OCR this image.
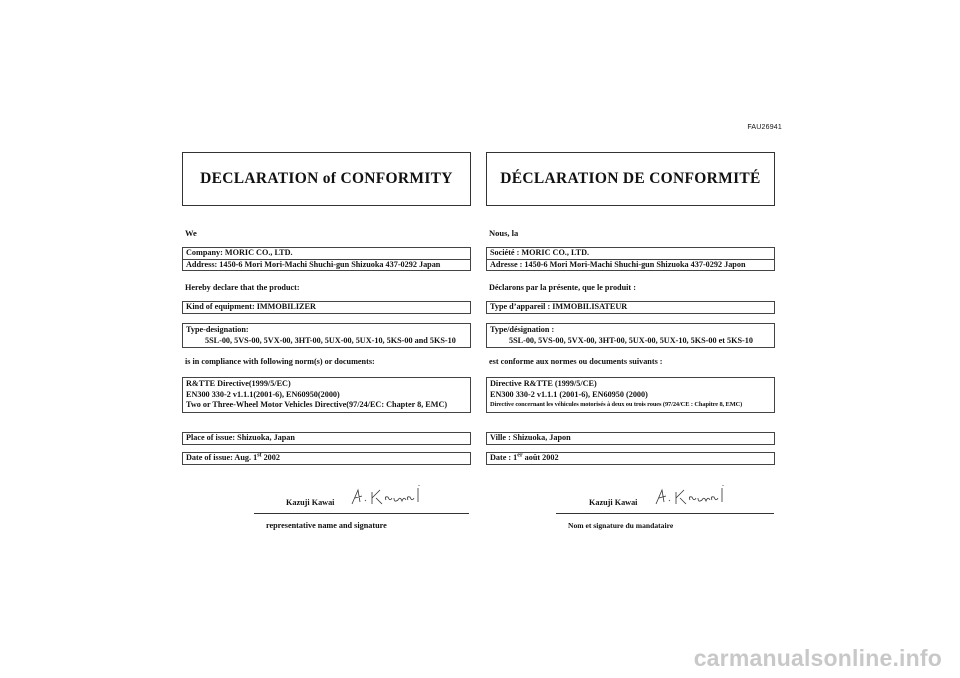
FAU26941
DECLARATION of CONFORMITY
We
Company: MORIC CO., LTD.
Address: 1450-6 Mori Mori-Machi Shuchi-gun Shizuoka 437-0292 Japan
Hereby declare that the product:
Kind of equipment: IMMOBILIZER
Type-designation:
5SL-00, 5VS-00, 5VX-00, 3HT-00, 5UX-00, 5UX-10, 5KS-00 and 5KS-10
is in compliance with following norm(s) or documents:
R&TTE Directive(1999/5/EC)
EN300 330-2 v1.1.1(2001-6), EN60950(2000)
Two or Three-Wheel Motor Vehicles Directive(97/24/EC: Chapter 8, EMC)
Place of issue: Shizuoka, Japan
Date of issue: Aug. 1st 2002
Kazuji Kawai
representative name and signature
DÉCLARATION DE CONFORMITÉ
Nous, la
Société : MORIC CO., LTD.
Adresse : 1450-6 Mori Mori-Machi Shuchi-gun Shizuoka 437-0292 Japon
Déclarons par la présente, que le produit :
Type d’appareil : IMMOBILISATEUR
Type/désignation :
5SL-00, 5VS-00, 5VX-00, 3HT-00, 5UX-00, 5UX-10, 5KS-00 et 5KS-10
est conforme aux normes ou documents suivants :
Directive R&TTE (1999/5/CE)
EN300 330-2 v1.1.1 (2001-6), EN60950 (2000)
Directive concernant les véhicules motorisés à deux ou trois roues (97/24/CE : Chapitre 8, EMC)
Ville : Shizuoka, Japon
Date : 1er août 2002
Kazuji Kawai
Nom et signature du mandataire
carmanualsonline.info
